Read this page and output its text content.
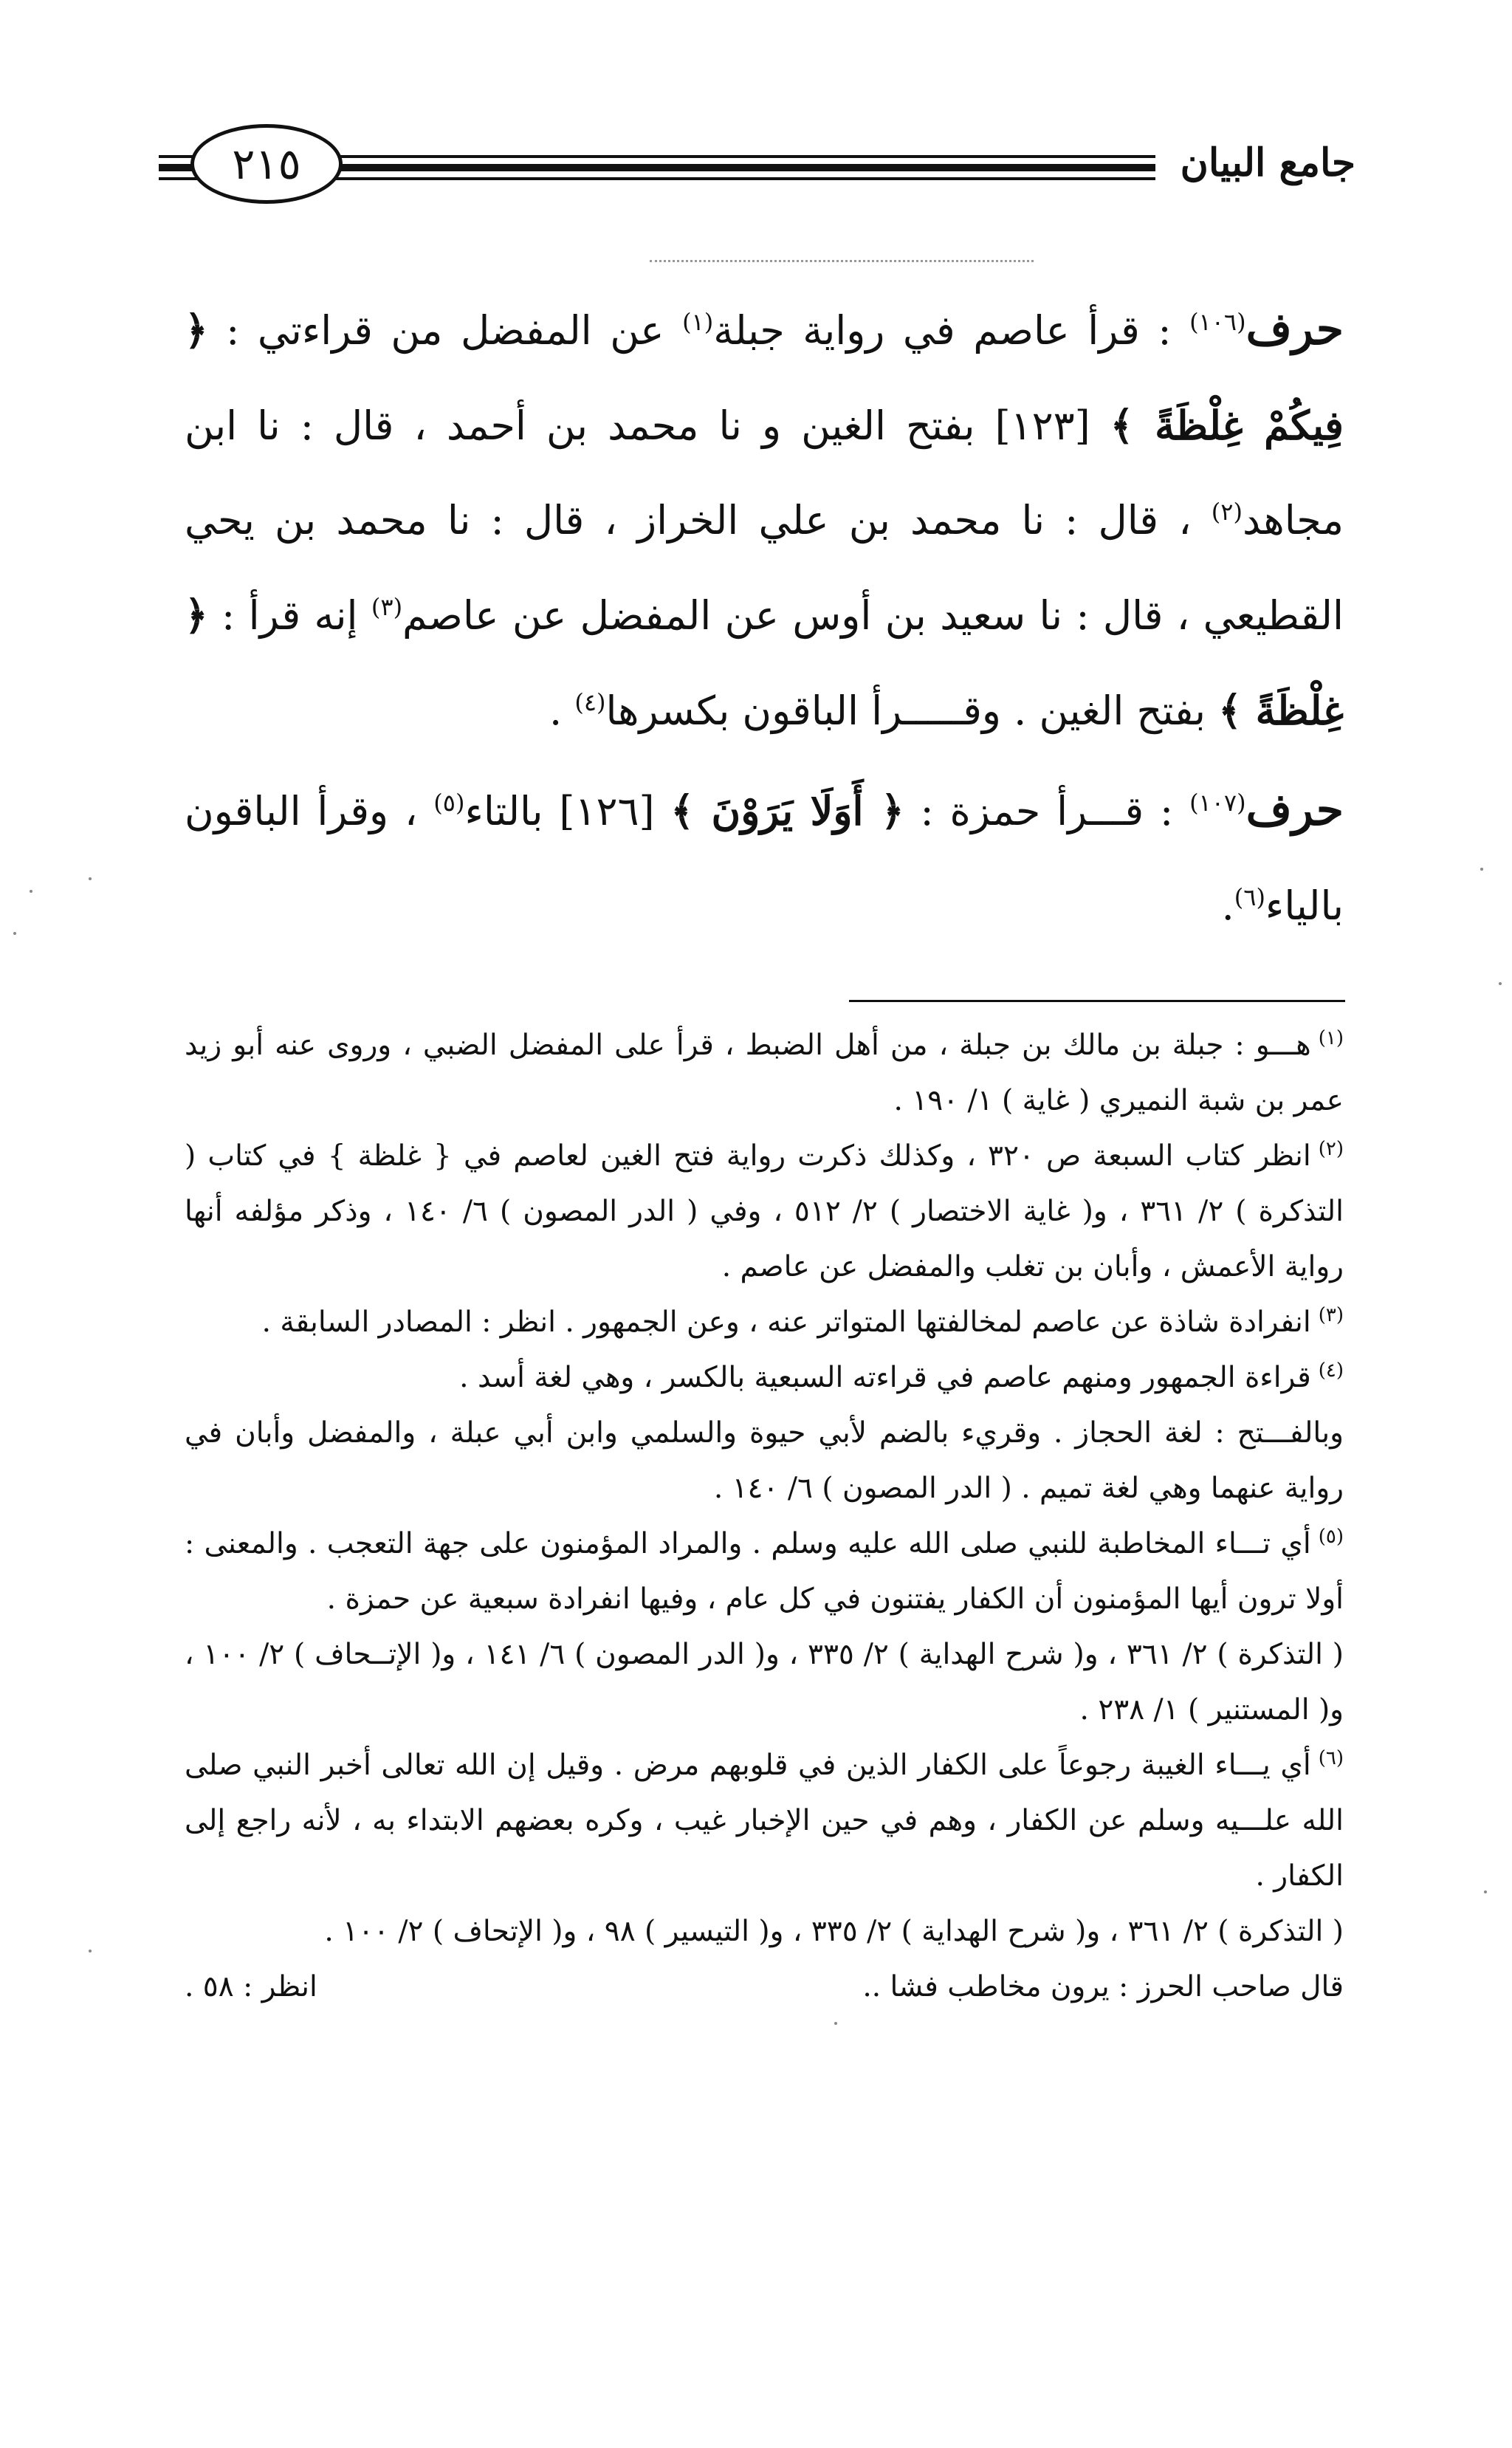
٢١٥	جامع البيان

حرف$^{(١٠٦)}$ : قرأ عاصم في رواية جبلة$^{(١)}$ عن المفضل من قراءتي : ﴿ فِيكُمْ غِلْظَةً ﴾ [١٢٣] بفتح الغين و نا محمد بن أحمد ، قال : نا ابن مجاهد$^{(٢)}$ ، قال : نا محمد بن علي الخراز ، قال : نا محمد بن يحي القطيعي ، قال : نا سعيد بن أوس عن المفضل عن عاصم$^{(٣)}$ إنه قرأ : ﴿ غِلْظَةً ﴾ بفتح الغين . وقـــــرأ الباقون بكسرها$^{(٤)}$ .

حرف$^{(١٠٧)}$ : قـــرأ حمزة : ﴿ أَوَلَا يَرَوْنَ ﴾ [١٢٦] بالتاء$^{(٥)}$ ، وقرأ الباقون بالياء$^{(٦)}$.

$^{(١)}$هـــو : جبلة بن مالك بن جبلة ، من أهل الضبط ، قرأ على المفضل الضبي ، وروى عنه أبو زيد عمر بن شبة النميري ( غاية ) ١/ ١٩٠ .

$^{(٢)}$انظر كتاب السبعة ص ٣٢٠ ، وكذلك ذكرت رواية فتح الغين لعاصم في { غلظة } في كتاب ( التذكرة ) ٢/ ٣٦١ ، و( غاية الاختصار ) ٢/ ٥١٢ ، وفي ( الدر المصون ) ٦/ ١٤٠ ، وذكر مؤلفه أنها رواية الأعمش ، وأبان بن تغلب والمفضل عن عاصم .

$^{(٣)}$انفرادة شاذة عن عاصم لمخالفتها المتواتر عنه ، وعن الجمهور . انظر : المصادر السابقة .

$^{(٤)}$قراءة الجمهور ومنهم عاصم في قراءته السبعية بالكسر ، وهي لغة أسد .

وبالفـــتح : لغة الحجاز . وقريء بالضم لأبي حيوة والسلمي وابن أبي عبلة ، والمفضل وأبان في رواية عنهما وهي لغة تميم . ( الدر المصون ) ٦/ ١٤٠ .

$^{(٥)}$أي تـــاء المخاطبة للنبي صلى الله عليه وسلم . والمراد المؤمنون على جهة التعجب . والمعنى : أولا ترون أيها المؤمنون أن الكفار يفتنون في كل عام ، وفيها انفرادة سبعية عن حمزة .

( التذكرة ) ٢/ ٣٦١ ، و( شرح الهداية ) ٢/ ٣٣٥ ، و( الدر المصون ) ٦/ ١٤١ ، و( الإتــحاف ) ٢/ ١٠٠ ، و( المستنير ) ١/ ٢٣٨ .

$^{(٦)}$أي يـــاء الغيبة رجوعاً على الكفار الذين في قلوبهم مرض . وقيل إن الله تعالى أخبر النبي صلى الله علـــيه وسلم عن الكفار ، وهم في حين الإخبار غيب ، وكره بعضهم الابتداء به ، لأنه راجع إلى الكفار .

( التذكرة ) ٢/ ٣٦١ ، و( شرح الهداية ) ٢/ ٣٣٥ ، و( التيسير ) ٩٨ ، و( الإتحاف ) ٢/ ١٠٠ .

قال صاحب الحرز : يرون مخاطب فشا ..
انظر : ٥٨ .
